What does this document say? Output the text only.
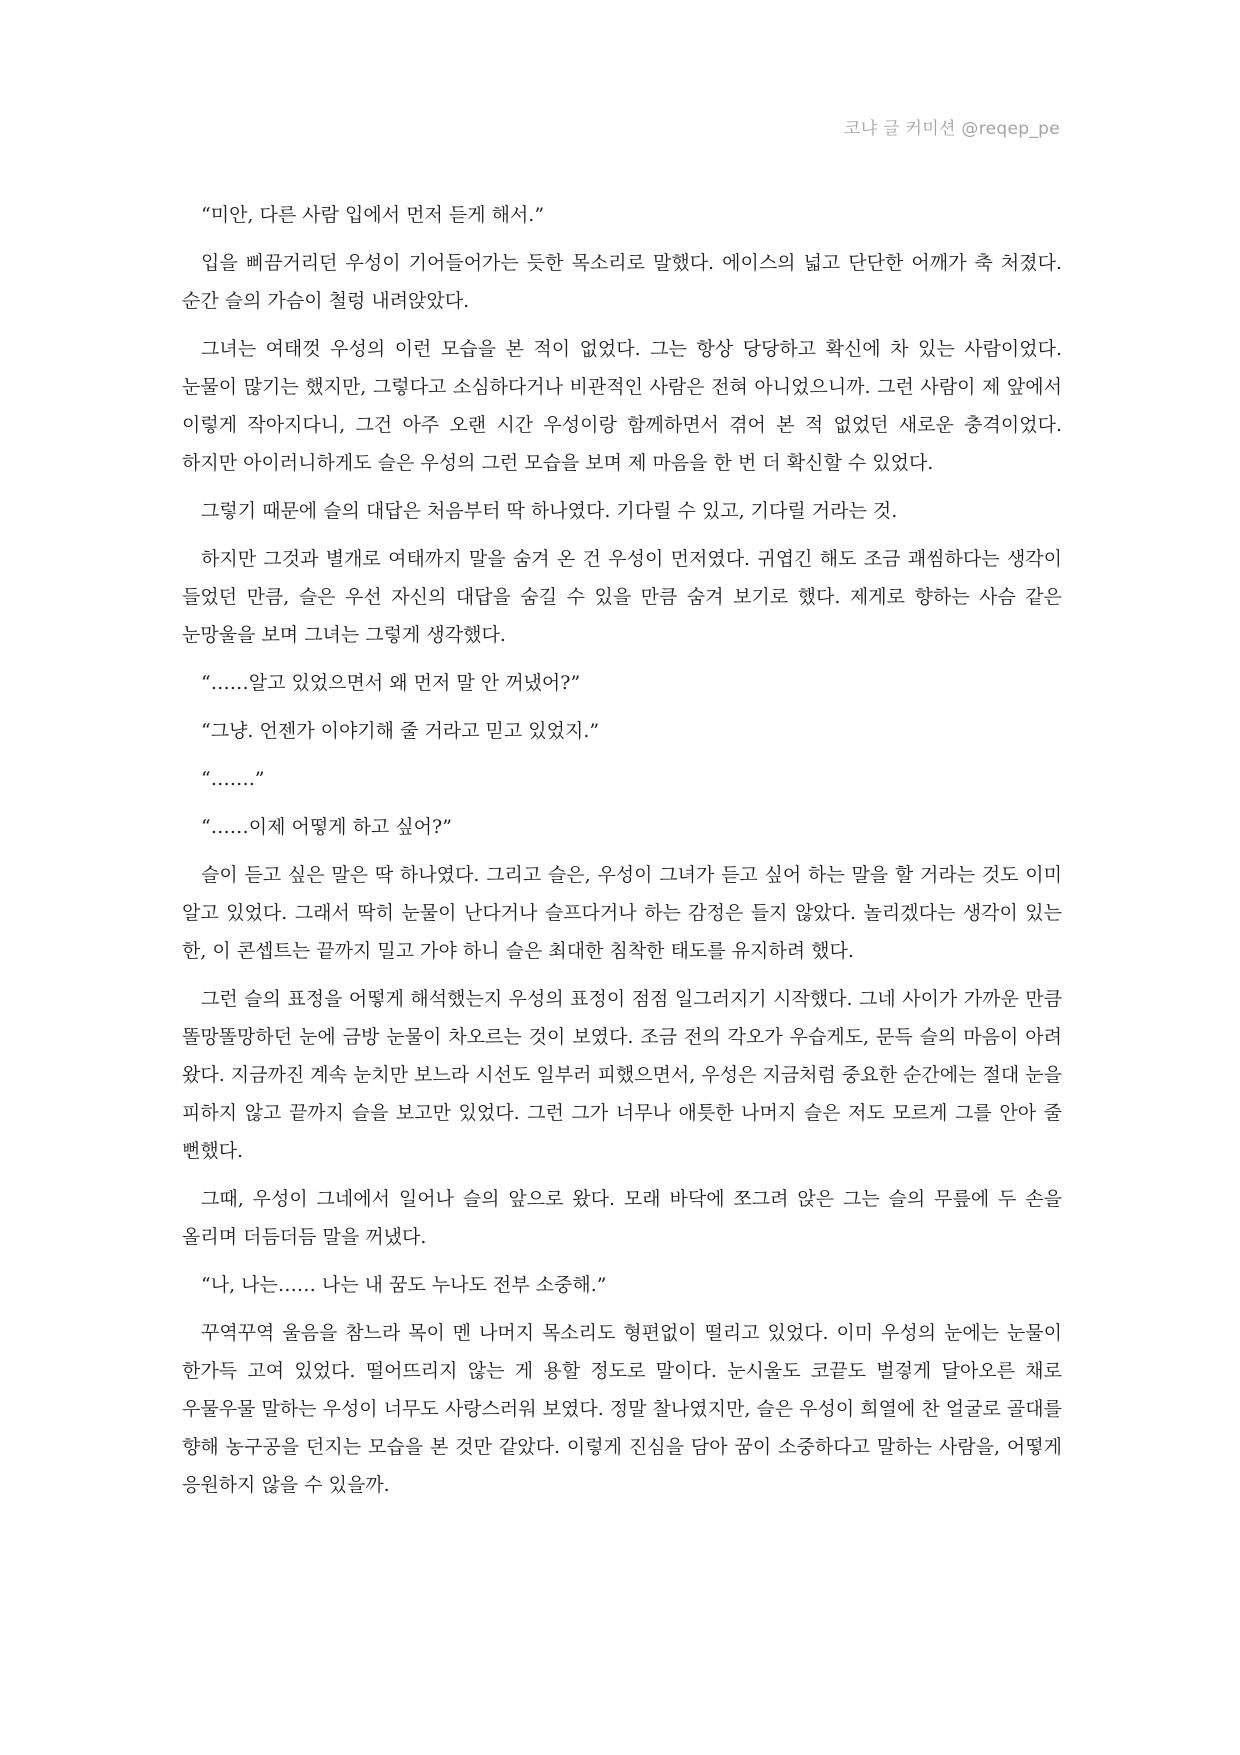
코냐 글 커미션 @reqep_pe

“미안, 다른 사람 입에서 먼저 듣게 해서.”

입을 삐끔거리던 우성이 기어들어가는 듯한 목소리로 말했다. 에이스의 넓고 단단한 어깨가 축 처졌다. 순간 슬의 가슴이 철렁 내려앉았다.

그녀는 여태껏 우성의 이런 모습을 본 적이 없었다. 그는 항상 당당하고 확신에 차 있는 사람이었다. 눈물이 많기는 했지만, 그렇다고 소심하다거나 비관적인 사람은 전혀 아니었으니까. 그런 사람이 제 앞에서 이렇게 작아지다니, 그건 아주 오랜 시간 우성이랑 함께하면서 겪어 본 적 없었던 새로운 충격이었다. 하지만 아이러니하게도 슬은 우성의 그런 모습을 보며 제 마음을 한 번 더 확신할 수 있었다.

그렇기 때문에 슬의 대답은 처음부터 딱 하나였다. 기다릴 수 있고, 기다릴 거라는 것.

하지만 그것과 별개로 여태까지 말을 숨겨 온 건 우성이 먼저였다. 귀엽긴 해도 조금 괘씸하다는 생각이 들었던 만큼, 슬은 우선 자신의 대답을 숨길 수 있을 만큼 숨겨 보기로 했다. 제게로 향하는 사슴 같은 눈망울을 보며 그녀는 그렇게 생각했다.

“……알고 있었으면서 왜 먼저 말 안 꺼냈어?”

“그냥. 언젠가 이야기해 줄 거라고 믿고 있었지.”

“…….”

“……이제 어떻게 하고 싶어?”

슬이 듣고 싶은 말은 딱 하나였다. 그리고 슬은, 우성이 그녀가 듣고 싶어 하는 말을 할 거라는 것도 이미 알고 있었다. 그래서 딱히 눈물이 난다거나 슬프다거나 하는 감정은 들지 않았다. 놀리겠다는 생각이 있는 한, 이 콘셉트는 끝까지 밀고 가야 하니 슬은 최대한 침착한 태도를 유지하려 했다.

그런 슬의 표정을 어떻게 해석했는지 우성의 표정이 점점 일그러지기 시작했다. 그네 사이가 가까운 만큼 똘망똘망하던 눈에 금방 눈물이 차오르는 것이 보였다. 조금 전의 각오가 우습게도, 문득 슬의 마음이 아려 왔다. 지금까진 계속 눈치만 보느라 시선도 일부러 피했으면서, 우성은 지금처럼 중요한 순간에는 절대 눈을 피하지 않고 끝까지 슬을 보고만 있었다. 그런 그가 너무나 애틋한 나머지 슬은 저도 모르게 그를 안아 줄 뻔했다.

그때, 우성이 그네에서 일어나 슬의 앞으로 왔다. 모래 바닥에 쪼그려 앉은 그는 슬의 무릎에 두 손을 올리며 더듬더듬 말을 꺼냈다.

“나, 나는…… 나는 내 꿈도 누나도 전부 소중해.”

꾸역꾸역 울음을 참느라 목이 멘 나머지 목소리도 형편없이 떨리고 있었다. 이미 우성의 눈에는 눈물이 한가득 고여 있었다. 떨어뜨리지 않는 게 용할 정도로 말이다. 눈시울도 코끝도 벌겋게 달아오른 채로 우물우물 말하는 우성이 너무도 사랑스러워 보였다. 정말 찰나였지만, 슬은 우성이 희열에 찬 얼굴로 골대를 향해 농구공을 던지는 모습을 본 것만 같았다. 이렇게 진심을 담아 꿈이 소중하다고 말하는 사람을, 어떻게 응원하지 않을 수 있을까.
